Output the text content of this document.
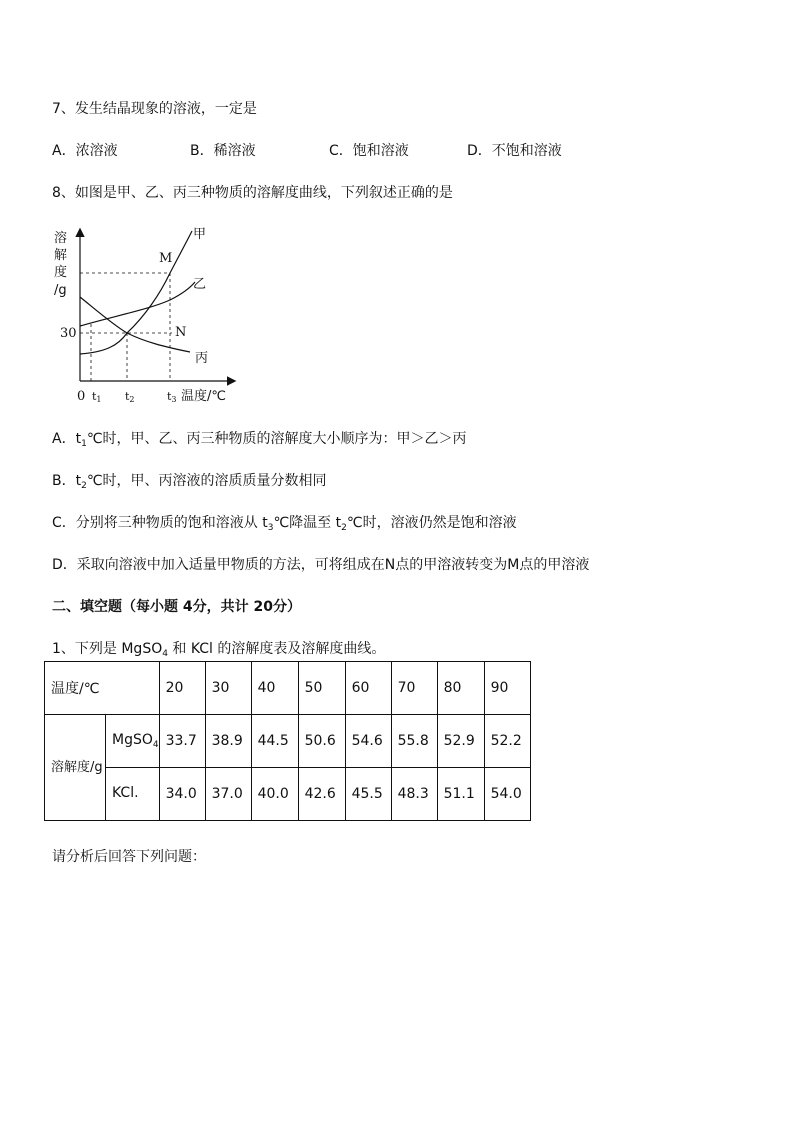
7、发生结晶现象的溶液，一定是
A．浓溶液	B．稀溶液	C．饱和溶液	D．不饱和溶液
8、如图是甲、乙、丙三种物质的溶解度曲线，下列叙述正确的是
溶
解
度
/g
30
甲
乙
丙
M
N
0 t1 t2	t3 温度/℃
A．$t_1℃$时，甲、乙、丙三种物质的溶解度大小顺序为：甲＞乙＞丙
B．$t_2℃$时，甲、丙溶液的溶质质量分数相同
C．分别将三种物质的饱和溶液从 $t_3℃$降温至 $t_2℃$时，溶液仍然是饱和溶液
D．采取向溶液中加入适量甲物质的方法，可将组成在N点的甲溶液转变为M点的甲溶液
二、填空题（每小题 4分，共计 20分）
1、下列是 MgSO$_4$ 和 KCl 的溶解度表及溶解度曲线。
温度/℃		20	30	40	50	60	70	80	90
溶解度/g	MgSO$_4$	33.7	38.9	44.5	50.6	54.6	55.8	52.9	52.2
	KCl.	34.0	37.0	40.0	42.6	45.5	48.3	51.1	54.0
请分析后回答下列问题：
